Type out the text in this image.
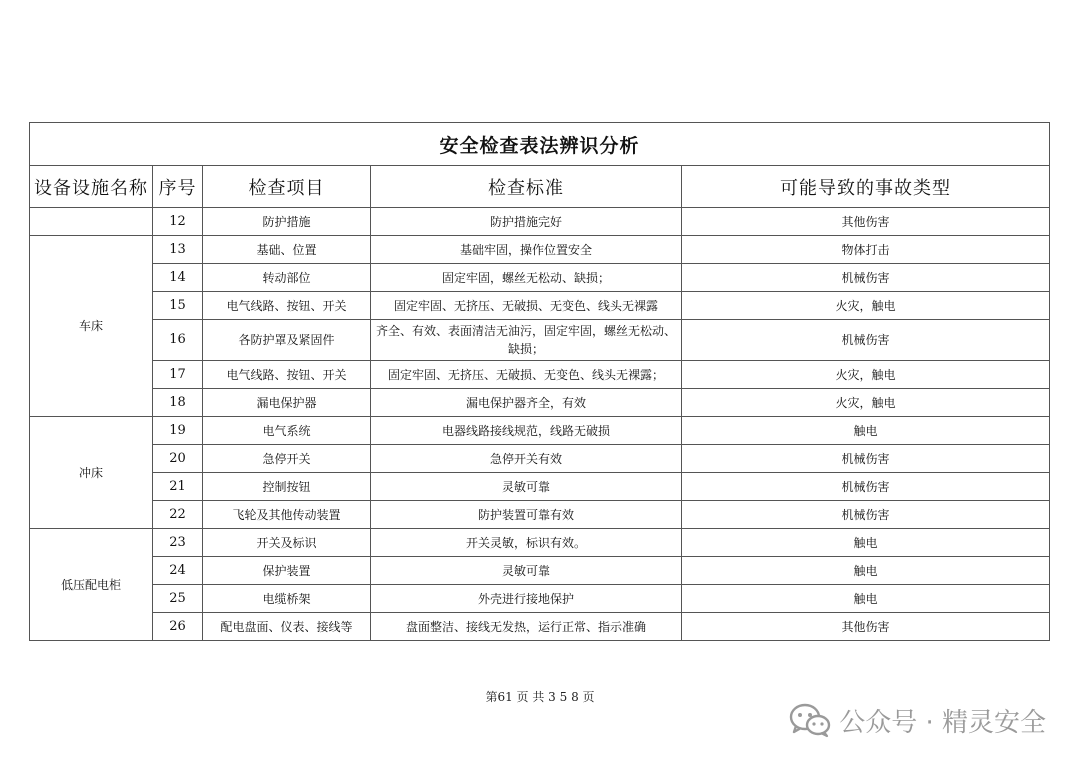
安全检查表法辨识分析				
设备设施名称	序号	检查项目	检查标准	可能导致的事故类型
	12	防护措施	防护措施完好	其他伤害
车床	13	基础、位置	基础牢固，操作位置安全	物体打击
	14	转动部位	固定牢固，螺丝无松动、缺损；	机械伤害
	15	电气线路、按钮、开关	固定牢固、无挤压、无破损、无变色、线头无裸露	火灾，触电
	16	各防护罩及紧固件	齐全、有效、表面清洁无油污，固定牢固，螺丝无松动、缺损；	机械伤害
	17	电气线路、按钮、开关	固定牢固、无挤压、无破损、无变色、线头无裸露；	火灾，触电
	18	漏电保护器	漏电保护器齐全，有效	火灾，触电
冲床	19	电气系统	电器线路接线规范，线路无破损	触电
	20	急停开关	急停开关有效	机械伤害
	21	控制按钮	灵敏可靠	机械伤害
	22	飞轮及其他传动装置	防护装置可靠有效	机械伤害
低压配电柜	23	开关及标识	开关灵敏，标识有效。	触电
	24	保护装置	灵敏可靠	触电
	25	电缆桥架	外壳进行接地保护	触电
	26	配电盘面、仪表、接线等	盘面整洁、接线无发热，运行正常、指示准确	其他伤害
第61 页 共 3 5 8 页
公众号 · 精灵安全
